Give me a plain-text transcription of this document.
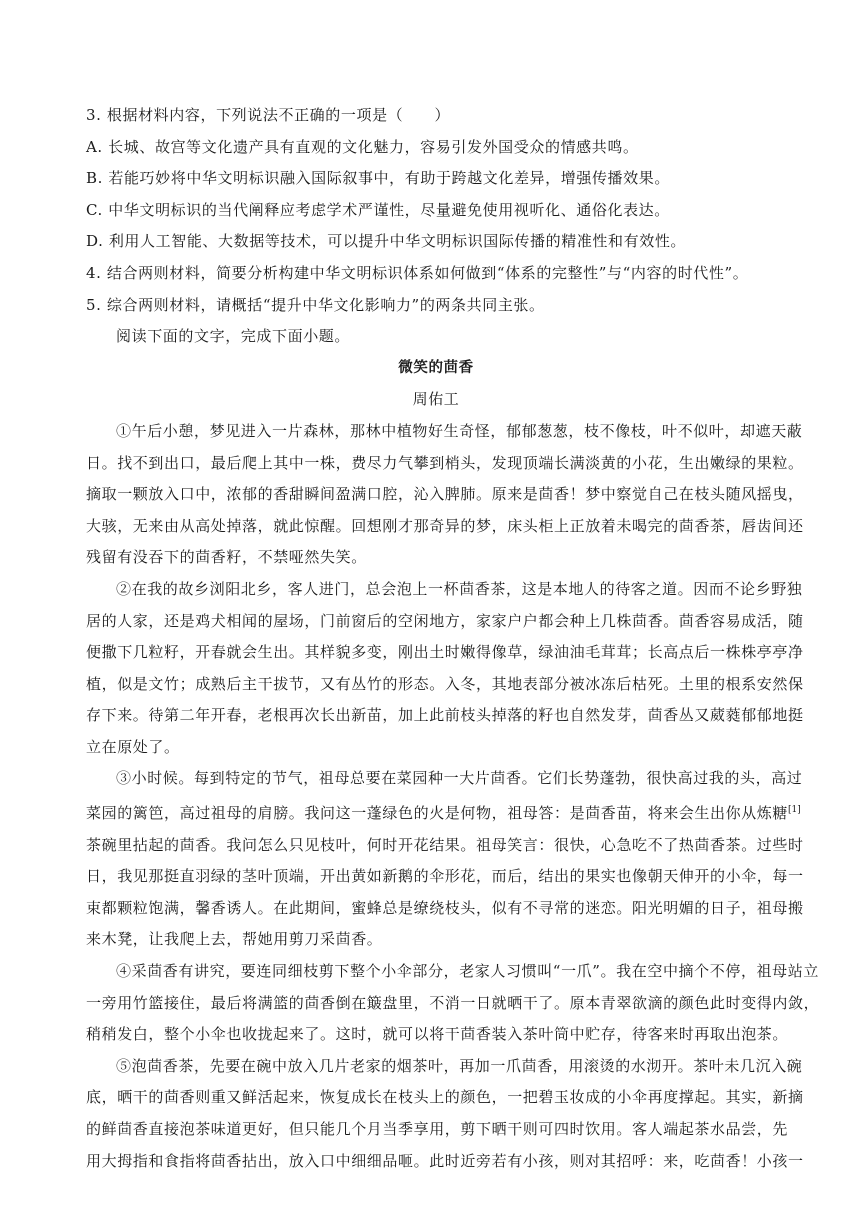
3. 根据材料内容，下列说法不正确的一项是（　　）
A. 长城、故宫等文化遗产具有直观的文化魅力，容易引发外国受众的情感共鸣。
B. 若能巧妙将中华文明标识融入国际叙事中，有助于跨越文化差异，增强传播效果。
C. 中华文明标识的当代阐释应考虑学术严谨性，尽量避免使用视听化、通俗化表达。
D. 利用人工智能、大数据等技术，可以提升中华文明标识国际传播的精准性和有效性。
4. 结合两则材料，简要分析构建中华文明标识体系如何做到“体系的完整性”与“内容的时代性”。
5. 综合两则材料，请概括“提升中华文化影响力”的两条共同主张。
阅读下面的文字，完成下面小题。
微笑的茴香
周佑工
①午后小憩，梦见进入一片森林，那林中植物好生奇怪，郁郁葱葱，枝不像枝，叶不似叶，却遮天蔽
日。找不到出口，最后爬上其中一株，费尽力气攀到梢头，发现顶端长满淡黄的小花，生出嫩绿的果粒。
摘取一颗放入口中，浓郁的香甜瞬间盈满口腔，沁入脾肺。原来是茴香！梦中察觉自己在枝头随风摇曳，
大骇，无来由从高处掉落，就此惊醒。回想刚才那奇异的梦，床头柜上正放着未喝完的茴香茶，唇齿间还
残留有没吞下的茴香籽，不禁哑然失笑。
②在我的故乡浏阳北乡，客人进门，总会泡上一杯茴香茶，这是本地人的待客之道。因而不论乡野独
居的人家，还是鸡犬相闻的屋场，门前窗后的空闲地方，家家户户都会种上几株茴香。茴香容易成活，随
便撒下几粒籽，开春就会生出。其样貌多变，刚出土时嫩得像草，绿油油毛茸茸；长高点后一株株亭亭净
植，似是文竹；成熟后主干拔节，又有丛竹的形态。入冬，其地表部分被冰冻后枯死。土里的根系安然保
存下来。待第二年开春，老根再次长出新苗，加上此前枝头掉落的籽也自然发芽，茴香丛又葳蕤郁郁地挺
立在原处了。
③小时候。每到特定的节气，祖母总要在菜园种一大片茴香。它们长势蓬勃，很快高过我的头，高过
菜园的篱笆，高过祖母的肩膀。我问这一蓬绿色的火是何物，祖母答：是茴香苗，将来会生出你从炼糖[1]
茶碗里拈起的茴香。我问怎么只见枝叶，何时开花结果。祖母笑言：很快，心急吃不了热茴香茶。过些时
日，我见那挺直羽绿的茎叶顶端，开出黄如新鹅的伞形花，而后，结出的果实也像朝天伸开的小伞，每一
束都颗粒饱满，馨香诱人。在此期间，蜜蜂总是缭绕枝头，似有不寻常的迷恋。阳光明媚的日子，祖母搬
来木凳，让我爬上去，帮她用剪刀采茴香。
④采茴香有讲究，要连同细枝剪下整个小伞部分，老家人习惯叫“一爪”。我在空中摘个不停，祖母站立
一旁用竹篮接住，最后将满篮的茴香倒在簸盘里，不消一日就晒干了。原本青翠欲滴的颜色此时变得内敛，
稍稍发白，整个小伞也收拢起来了。这时，就可以将干茴香装入茶叶筒中贮存，待客来时再取出泡茶。
⑤泡茴香茶，先要在碗中放入几片老家的烟茶叶，再加一爪茴香，用滚烫的水沏开。茶叶未几沉入碗
底，晒干的茴香则重又鲜活起来，恢复成长在枝头上的颜色，一把碧玉妆成的小伞再度撑起。其实，新摘
的鲜茴香直接泡茶味道更好，但只能几个月当季享用，剪下晒干则可四时饮用。客人端起茶水品尝，先
用大拇指和食指将茴香拈出，放入口中细细品咂。此时近旁若有小孩，则对其招呼：来，吃茴香！小孩一
